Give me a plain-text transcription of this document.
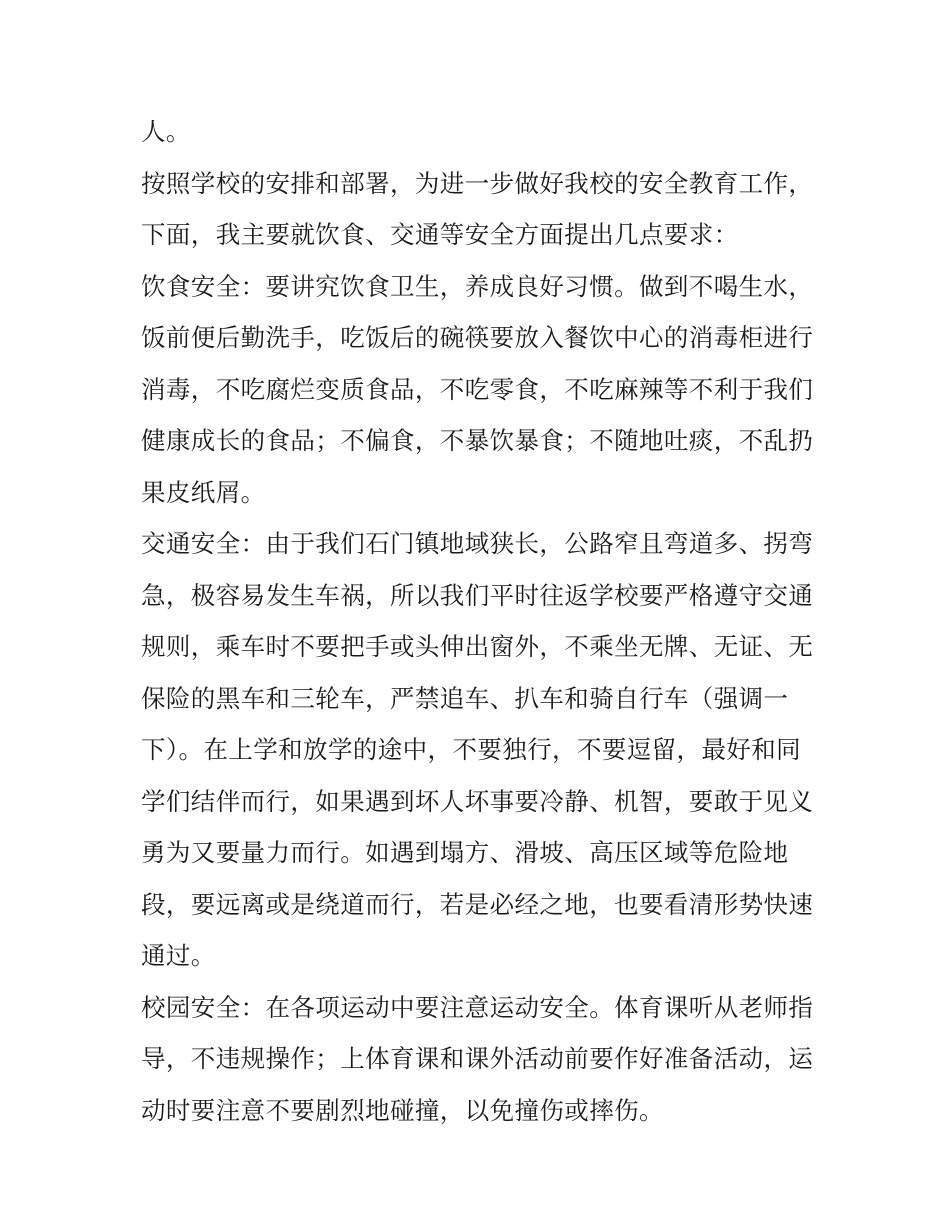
人。
按照学校的安排和部署，为进一步做好我校的安全教育工作，
下面，我主要就饮食、交通等安全方面提出几点要求：
饮食安全：要讲究饮食卫生，养成良好习惯。做到不喝生水，
饭前便后勤洗手，吃饭后的碗筷要放入餐饮中心的消毒柜进行
消毒，不吃腐烂变质食品，不吃零食，不吃麻辣等不利于我们
健康成长的食品；不偏食，不暴饮暴食；不随地吐痰，不乱扔
果皮纸屑。
交通安全：由于我们石门镇地域狭长，公路窄且弯道多、拐弯
急，极容易发生车祸，所以我们平时往返学校要严格遵守交通
规则，乘车时不要把手或头伸出窗外，不乘坐无牌、无证、无
保险的黑车和三轮车，严禁追车、扒车和骑自行车（强调一
下）。在上学和放学的途中，不要独行，不要逗留，最好和同
学们结伴而行，如果遇到坏人坏事要冷静、机智，要敢于见义
勇为又要量力而行。如遇到塌方、滑坡、高压区域等危险地
段，要远离或是绕道而行，若是必经之地，也要看清形势快速
通过。
校园安全：在各项运动中要注意运动安全。体育课听从老师指
导，不违规操作；上体育课和课外活动前要作好准备活动，运
动时要注意不要剧烈地碰撞，以免撞伤或摔伤。
